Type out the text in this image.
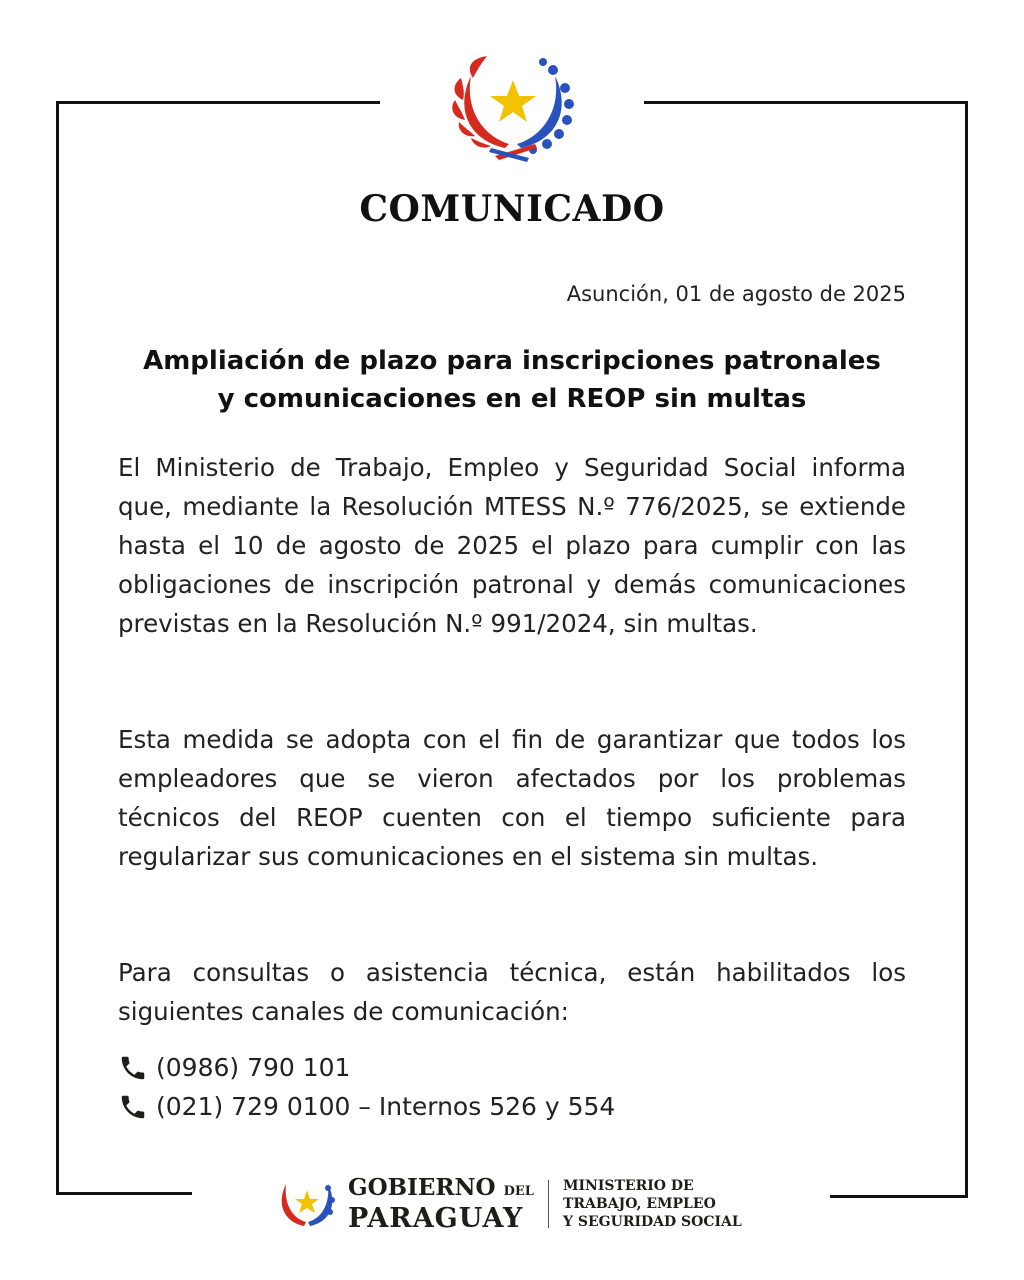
COMUNICADO
Asunción, 01 de agosto de 2025
Ampliación de plazo para inscripciones patronales
y comunicaciones en el REOP sin multas
El Ministerio de Trabajo, Empleo y Seguridad Social informa que, mediante la Resolución MTESS N.º 776/2025, se extiende hasta el 10 de agosto de 2025 el plazo para cumplir con las obligaciones de inscripción patronal y demás comunicaciones previstas en la Resolución N.º 991/2024, sin multas.
Esta medida se adopta con el fin de garantizar que todos los empleadores que se vieron afectados por los problemas técnicos del REOP cuenten con el tiempo suficiente para regularizar sus comunicaciones en el sistema sin multas.
Para consultas o asistencia técnica, están habilitados los siguientes canales de comunicación:
(0986) 790 101
(021) 729 0100 – Internos 526 y 554
GOBIERNO DEL
PARAGUAY
MINISTERIO DE
TRABAJO, EMPLEO
Y SEGURIDAD SOCIAL
